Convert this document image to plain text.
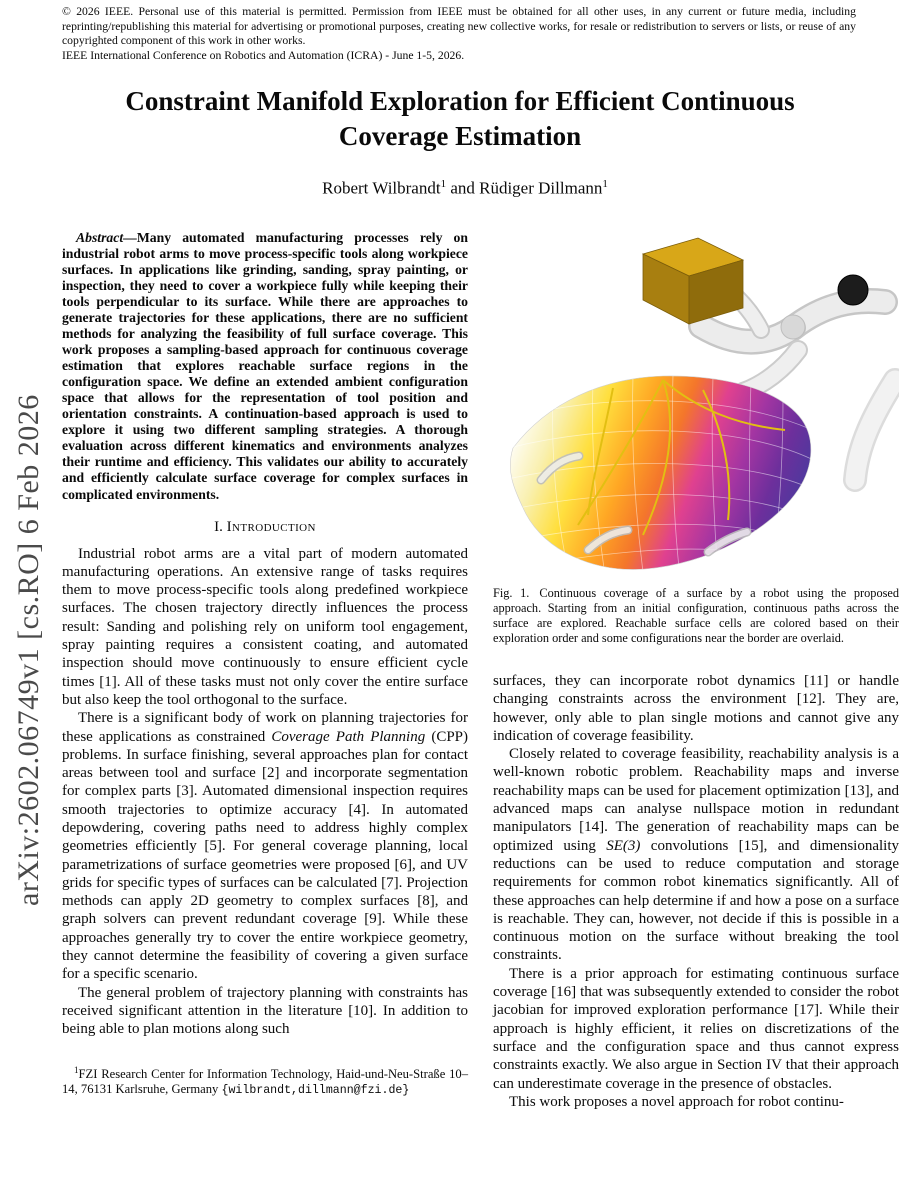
© 2026 IEEE. Personal use of this material is permitted. Permission from IEEE must be obtained for all other uses, in any current or future media, including reprinting/republishing this material for advertising or promotional purposes, creating new collective works, for resale or redistribution to servers or lists, or reuse of any copyrighted component of this work in other works.

IEEE International Conference on Robotics and Automation (ICRA) - June 1-5, 2026.

arXiv:2602.06749v1 [cs.RO] 6 Feb 2026
Constraint Manifold Exploration for Efficient Continuous Coverage Estimation
Robert Wilbrandt$^1$ and Rüdiger Dillmann$^1$

Abstract—Many automated manufacturing processes rely on industrial robot arms to move process-specific tools along workpiece surfaces. In applications like grinding, sanding, spray painting, or inspection, they need to cover a workpiece fully while keeping their tools perpendicular to its surface. While there are approaches to generate trajectories for these applications, there are no sufficient methods for analyzing the feasibility of full surface coverage. This work proposes a sampling-based approach for continuous coverage estimation that explores reachable surface regions in the configuration space. We define an extended ambient configuration space that allows for the representation of tool position and orientation constraints. A continuation-based approach is used to explore it using two different sampling strategies. A thorough evaluation across different kinematics and environments analyzes their runtime and efficiency. This validates our ability to accurately and efficiently calculate surface coverage for complex surfaces in complicated environments.

I. Introduction

Industrial robot arms are a vital part of modern automated manufacturing operations. An extensive range of tasks requires them to move process-specific tools along predefined workpiece surfaces. The chosen trajectory directly influences the process result: Sanding and polishing rely on uniform tool engagement, spray painting requires a consistent coating, and automated inspection should move continuously to ensure efficient cycle times [1]. All of these tasks must not only cover the entire surface but also keep the tool orthogonal to the surface.

There is a significant body of work on planning trajectories for these applications as constrained Coverage Path Planning (CPP) problems. In surface finishing, several approaches plan for contact areas between tool and surface [2] and incorporate segmentation for complex parts [3]. Automated dimensional inspection requires smooth trajectories to optimize accuracy [4]. In automated depowdering, covering paths need to address highly complex geometries efficiently [5]. For general coverage planning, local parametrizations of surface geometries were proposed [6], and UV grids for specific types of surfaces can be calculated [7]. Projection methods can apply 2D geometry to complex surfaces [8], and graph solvers can prevent redundant coverage [9]. While these approaches generally try to cover the entire workpiece geometry, they cannot determine the feasibility of covering a given surface for a specific scenario.

The general problem of trajectory planning with constraints has received significant attention in the literature [10]. In addition to being able to plan motions along such

$^1$FZI Research Center for Information Technology, Haid-und-Neu-Straße 10–14, 76131 Karlsruhe, Germany {wilbrandt,dillmann@fzi.de}
Fig. 1. Continuous coverage of a surface by a robot using the proposed approach. Starting from an initial configuration, continuous paths across the surface are explored. Reachable surface cells are colored based on their exploration order and some configurations near the border are overlaid.

surfaces, they can incorporate robot dynamics [11] or handle changing constraints across the environment [12]. They are, however, only able to plan single motions and cannot give any indication of coverage feasibility.

Closely related to coverage feasibility, reachability analysis is a well-known robotic problem. Reachability maps and inverse reachability maps can be used for placement optimization [13], and advanced maps can analyse nullspace motion in redundant manipulators [14]. The generation of reachability maps can be optimized using SE(3) convolutions [15], and dimensionality reductions can be used to reduce computation and storage requirements for common robot kinematics significantly. All of these approaches can help determine if and how a pose on a surface is reachable. They can, however, not decide if this is possible in a continuous motion on the surface without breaking the tool constraints.

There is a prior approach for estimating continuous surface coverage [16] that was subsequently extended to consider the robot jacobian for improved exploration performance [17]. While their approach is highly efficient, it relies on discretizations of the surface and the configuration space and thus cannot express constraints exactly. We also argue in Section IV that their approach can underestimate coverage in the presence of obstacles.

This work proposes a novel approach for robot continu-
